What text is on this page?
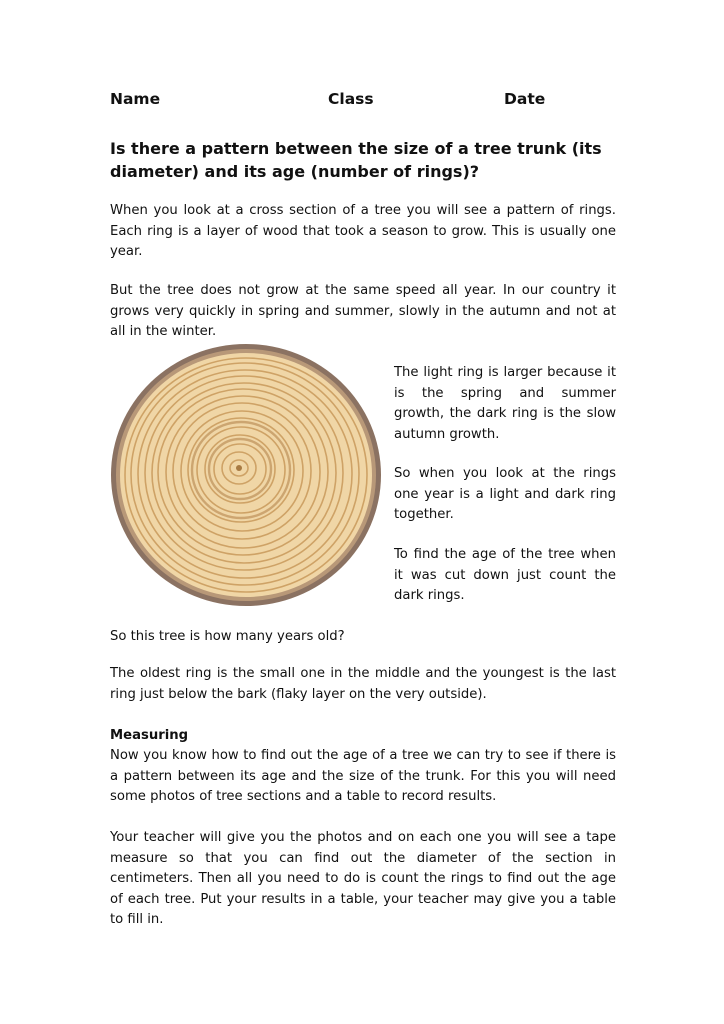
Name	Class	Date
Is there a pattern between the size of a tree trunk (its diameter) and its age (number of rings)?

When you look at a cross section of a tree you will see a pattern of rings. Each ring is a layer of wood that took a season to grow. This is usually one year.

But the tree does not grow at the same speed all year. In our country it grows very quickly in spring and summer, slowly in the autumn and not at all in the winter.

The light ring is larger because it is the spring and summer growth, the dark ring is the slow autumn growth.

So when you look at the rings one year is a light and dark ring together.

To find the age of the tree when it was cut down just count the dark rings.

So this tree is how many years old?

The oldest ring is the small one in the middle and the youngest is the last ring just below the bark (flaky layer on the very outside).

Measuring

Now you know how to find out the age of a tree we can try to see if there is a pattern between its age and the size of the trunk. For this you will need some photos of tree sections and a table to record results.

Your teacher will give you the photos and on each one you will see a tape measure so that you can find out the diameter of the section in centimeters. Then all you need to do is count the rings to find out the age of each tree. Put your results in a table, your teacher may give you a table to fill in.
